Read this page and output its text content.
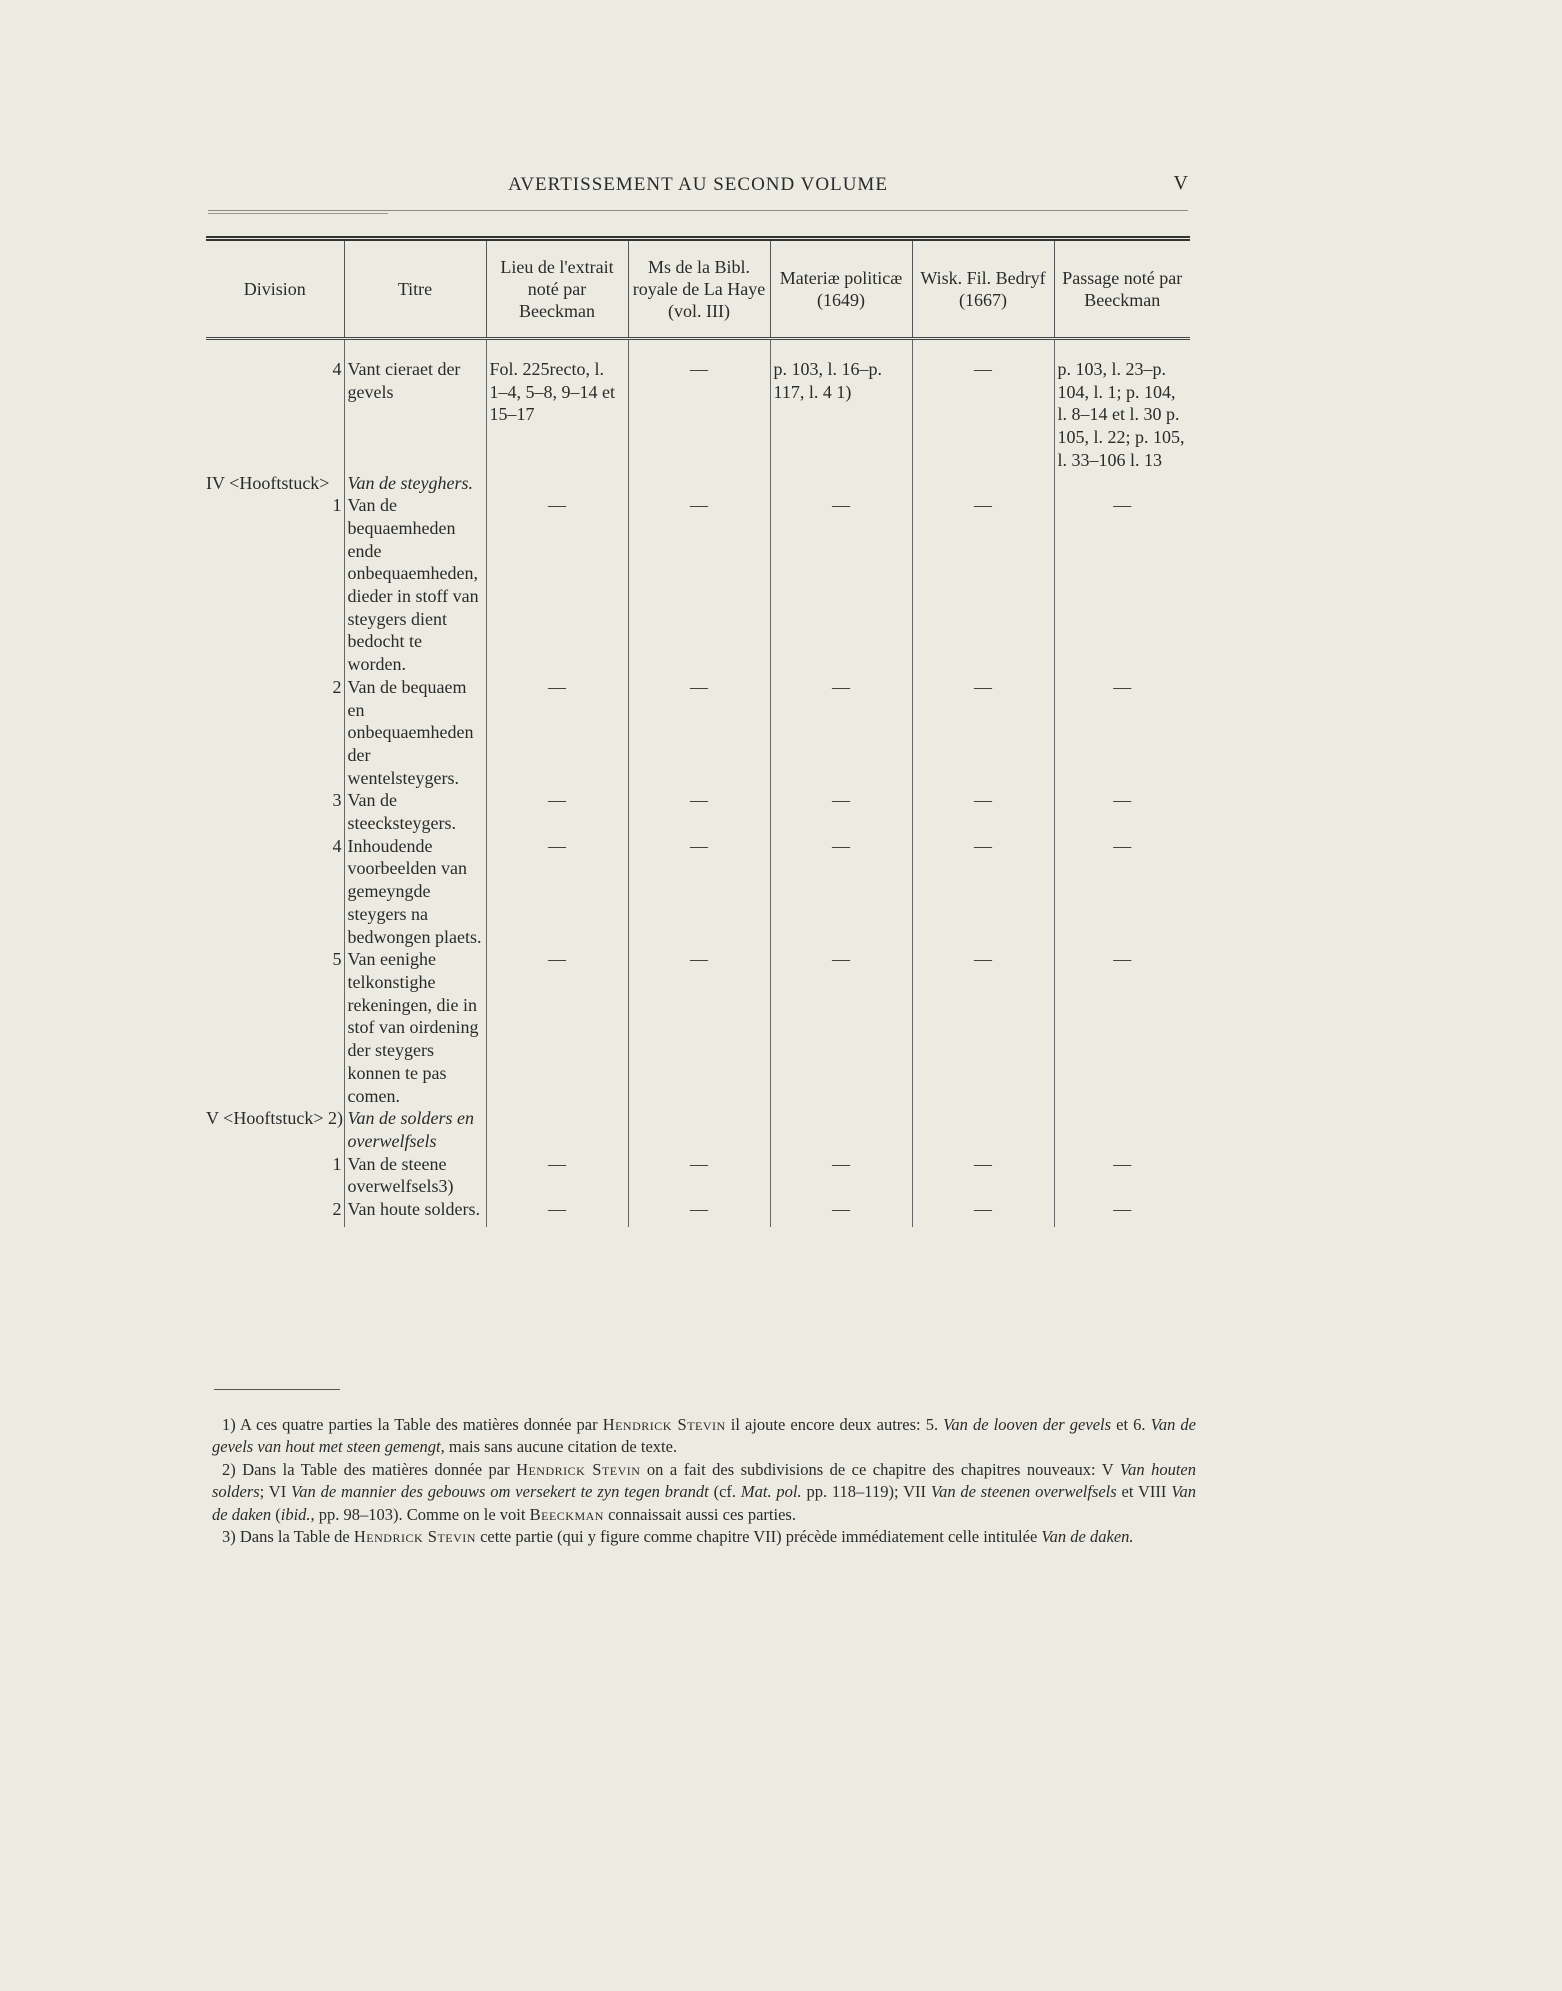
AVERTISSEMENT AU SECOND VOLUME	V
Division	Titre	Lieu de l'extrait noté par Beeckman	Ms de la Bibl. royale de La Haye (vol. III)	Materiæ politicæ (1649)	Wisk. Fil. Bedryf (1667)	Passage noté par Beeckman

4	Vant cieraet der gevels	Fol. 225recto, l. 1–4, 5–8, 9–14 et 15–17	—	p. 103, l. 16–p. 117, l. 4 1)	—	p. 103, l. 23–p. 104, l. 1; p. 104, l. 8–14 et l. 30 p. 105, l. 22; p. 105, l. 33–106 l. 13

IV <Hooftstuck>	Van de steyghers.					

1	Van de bequaemheden ende onbequaemheden, dieder in stoff van steygers dient bedocht te worden.	—	—	—	—	—

2	Van de bequaem en onbequaemheden der wentelsteygers.	—	—	—	—	—

3	Van de steecksteygers.	—	—	—	—	—

4	Inhoudende voorbeelden van gemeyngde steygers na bedwongen plaets.	—	—	—	—	—

5	Van eenighe telkonstighe rekeningen, die in stof van oirdening der steygers konnen te pas comen.	—	—	—	—	—

V <Hooftstuck> 2)	Van de solders en overwelfsels					

1	Van de steene overwelfsels3)	—	—	—	—	—

2	Van houte solders.	—	—	—	—	—

1) A ces quatre parties la Table des matières donnée par Hendrick Stevin il ajoute encore deux autres: 5. Van de looven der gevels et 6. Van de gevels van hout met steen gemengt, mais sans aucune citation de texte.

2) Dans la Table des matières donnée par Hendrick Stevin on a fait des subdivisions de ce chapitre des chapitres nouveaux: V Van houten solders; VI Van de mannier des gebouws om versekert te zyn tegen brandt (cf. Mat. pol. pp. 118–119); VII Van de steenen overwelfsels et VIII Van de daken (ibid., pp. 98–103). Comme on le voit Beeckman connaissait aussi ces parties.

3) Dans la Table de Hendrick Stevin cette partie (qui y figure comme chapitre VII) précède immédiatement celle intitulée Van de daken.
